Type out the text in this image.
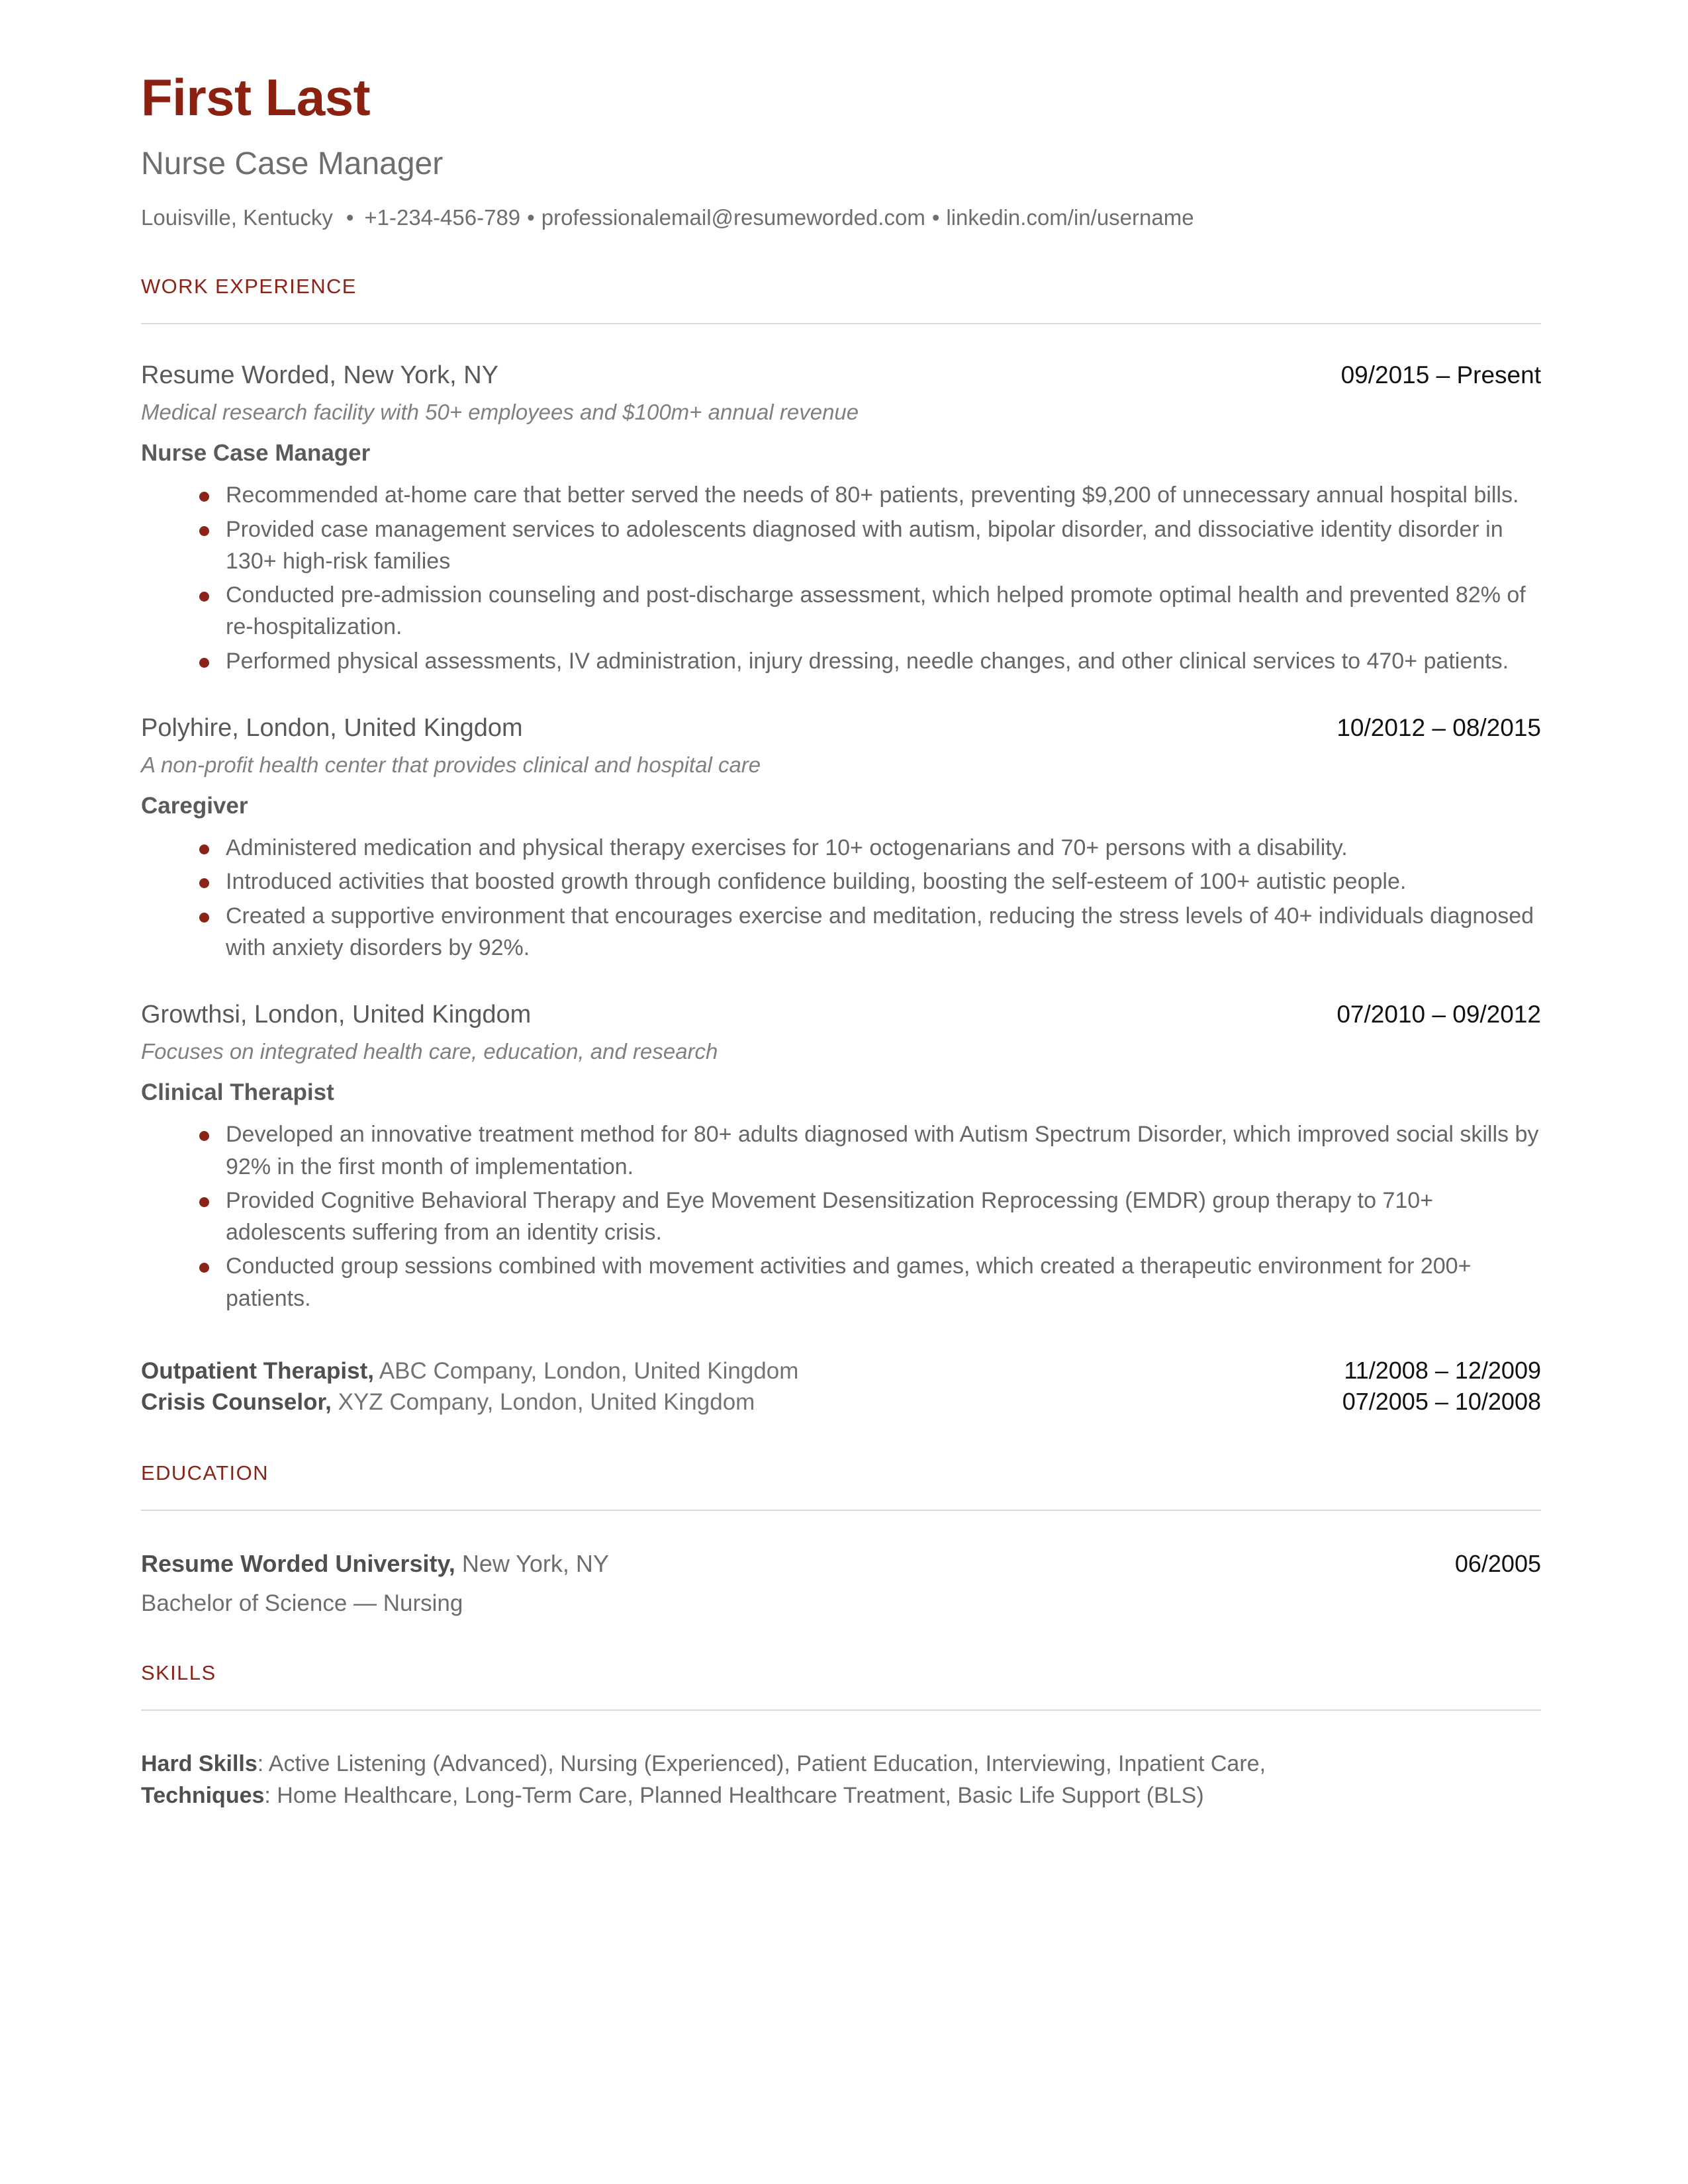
First Last
Nurse Case Manager
Louisville, Kentucky • +1-234-456-789 • professionalemail@resumeworded.com • linkedin.com/in/username
WORK EXPERIENCE
Resume Worded, New York, NY	09/2015 – Present
Medical research facility with 50+ employees and $100m+ annual revenue
Nurse Case Manager
Recommended at-home care that better served the needs of 80+ patients, preventing $9,200 of unnecessary annual hospital bills.
Provided case management services to adolescents diagnosed with autism, bipolar disorder, and dissociative identity disorder in 130+ high-risk families
Conducted pre-admission counseling and post-discharge assessment, which helped promote optimal health and prevented 82% of re-hospitalization.
Performed physical assessments, IV administration, injury dressing, needle changes, and other clinical services to 470+ patients.
Polyhire, London, United Kingdom	10/2012 – 08/2015
A non-profit health center that provides clinical and hospital care
Caregiver
Administered medication and physical therapy exercises for 10+ octogenarians and 70+ persons with a disability.
Introduced activities that boosted growth through confidence building, boosting the self-esteem of 100+ autistic people.
Created a supportive environment that encourages exercise and meditation, reducing the stress levels of 40+ individuals diagnosed with anxiety disorders by 92%.
Growthsi, London, United Kingdom	07/2010 – 09/2012
Focuses on integrated health care, education, and research
Clinical Therapist
Developed an innovative treatment method for 80+ adults diagnosed with Autism Spectrum Disorder, which improved social skills by 92% in the first month of implementation.
Provided Cognitive Behavioral Therapy and Eye Movement Desensitization Reprocessing (EMDR) group therapy to 710+ adolescents suffering from an identity crisis.
Conducted group sessions combined with movement activities and games, which created a therapeutic environment for 200+ patients.
Outpatient Therapist, ABC Company, London, United Kingdom	11/2008 – 12/2009
Crisis Counselor, XYZ Company, London, United Kingdom	07/2005 – 10/2008
EDUCATION
Resume Worded University, New York, NY	06/2005
Bachelor of Science — Nursing
SKILLS
Hard Skills: Active Listening (Advanced), Nursing (Experienced), Patient Education, Interviewing, Inpatient Care,
Techniques: Home Healthcare, Long-Term Care, Planned Healthcare Treatment, Basic Life Support (BLS)
